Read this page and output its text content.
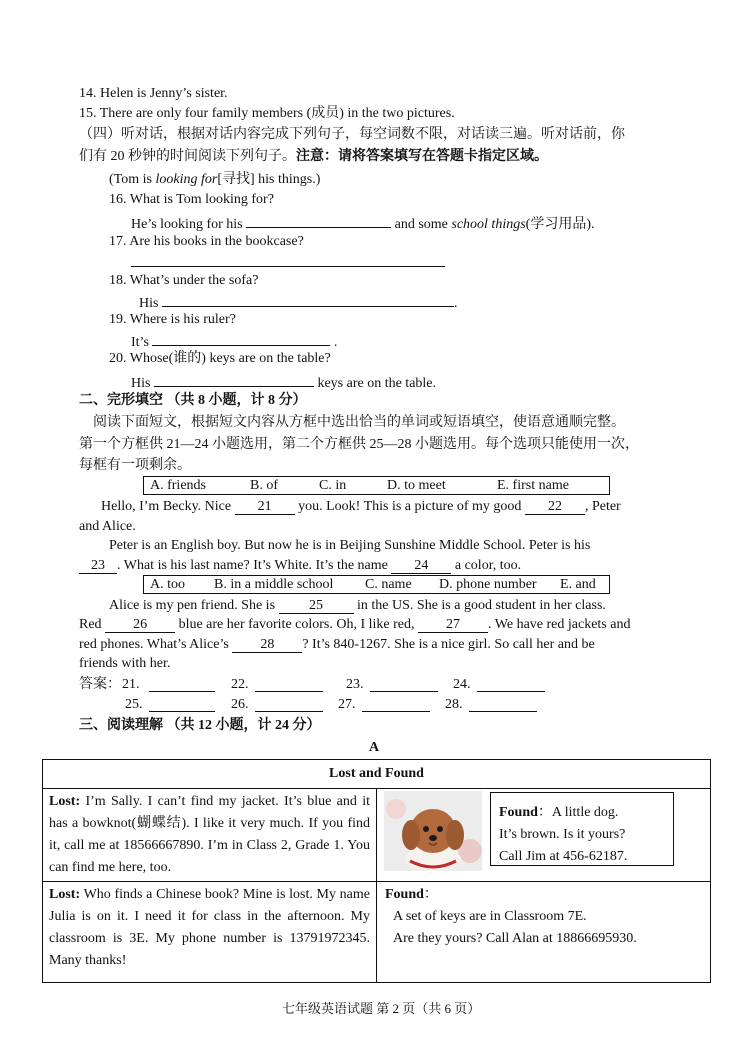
14. Helen is Jenny’s sister.
15. There are only four family members (成员) in the two pictures.
（四）听对话，根据对话内容完成下列句子，每空词数不限，对话读三遍。听对话前，你
们有 20 秒钟的时间阅读下列句子。注意：请将答案填写在答题卡指定区域。
(Tom is looking for[寻找] his things.)
16. What is Tom looking for?
He’s looking for his	and some school things(学习用品).
17. Are his books in the bookcase?
18. What’s under the sofa?
His	.
19. Where is his ruler?
It’s	.
20. Whose(谁的) keys are on the table?
His	keys are on the table.
二、完形填空 （共 8 小题，计 8 分）
阅读下面短文，根据短文内容从方框中选出恰当的单词或短语填空，使语意通顺完整。
第一个方框供 21—24 小题选用，第二个方框供 25—28 小题选用。每个选项只能使用一次，
每框有一项剩余。
A. friends	B. of	C. in	D. to meet	E. first name
Hello, I’m Becky. Nice 21 you. Look! This is a picture of my good 22 , Peter
and Alice.
Peter is an English boy. But now he is in Beijing Sunshine Middle School. Peter is his
23 . What is his last name? It’s White. It’s the name 24 a color, too.
A. too B. in a middle school C. name D. phone number E. and
Alice is my pen friend. She is 25 in the US. She is a good student in her class.
Red 26 blue are her favorite colors. Oh, I like red, 27 . We have red jackets and
red phones. What’s Alice’s 28 ? It’s 840-1267. She is a nice girl. So call her and be
friends with her.
答案： 21.	22.	23.	24.
25.	26.	27.	28.
三、阅读理解 （共 12 小题，计 24 分）
A
Lost and Found	

Lost: I’m Sally. I can’t find my jacket. It’s blue and it has a bowknot(蝴蝶结). I like it very much. If you find it, call me at 18566667890. I’m in Class 2, Grade 1. You can find me here, too.	Found：A little dog.
It’s brown. Is it yours?
Call Jim at 456-62187.

Lost: Who finds a Chinese book? Mine is lost. My name Julia is on it. I need it for class in the afternoon. My classroom is 3E. My phone number is 13791972345. Many thanks!	Found：

A set of keys are in Classroom 7E.
Are they yours? Call Alan at 18866695930.
七年级英语试题 第 2 页（共 6 页）
